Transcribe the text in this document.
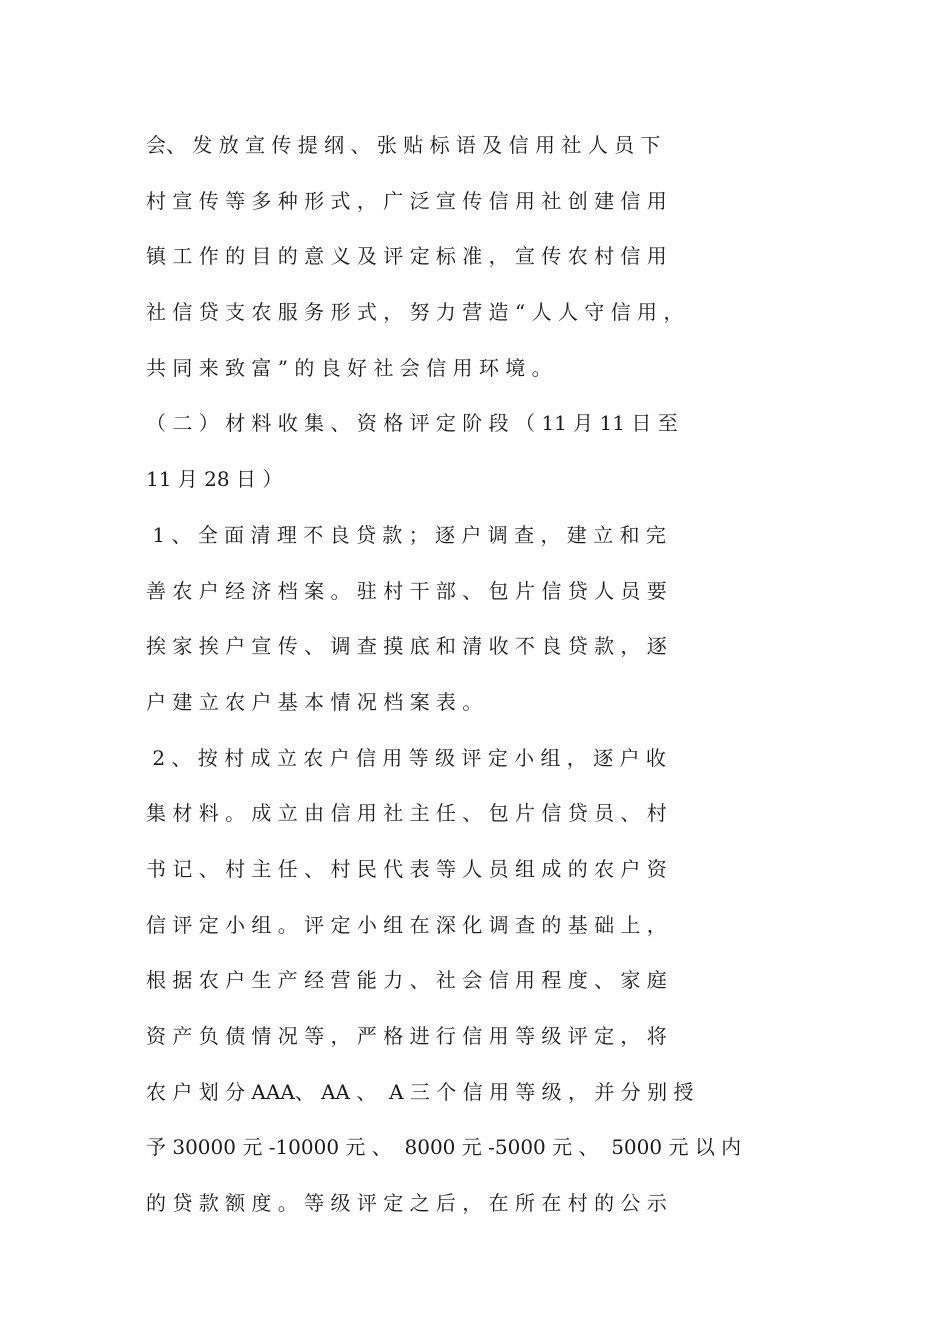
会、 发 放 宣 传 提 纲 、 张 贴 标 语 及 信 用 社 人 员 下
村 宣 传 等 多 种 形 式 ， 广 泛 宣 传 信 用 社 创 建 信 用
镇 工 作 的 目 的 意 义 及 评 定 标 准 ， 宣 传 农 村 信 用
社 信 贷 支 农 服 务 形 式 ， 努 力 营 造 “ 人 人 守 信 用 ，
共 同 来 致 富 ” 的 良 好 社 会 信 用 环 境 。
（ 二 ） 材 料 收 集 、 资 格 评 定 阶 段 （ 11 月 11 日 至
11 月 28 日 ）
1 、 全 面 清 理 不 良 贷 款 ； 逐 户 调 查 ， 建 立 和 完
善 农 户 经 济 档 案 。 驻 村 干 部 、 包 片 信 贷 人 员 要
挨 家 挨 户 宣 传 、 调 查 摸 底 和 清 收 不 良 贷 款 ， 逐
户 建 立 农 户 基 本 情 况 档 案 表 。
2 、 按 村 成 立 农 户 信 用 等 级 评 定 小 组 ， 逐 户 收
集 材 料 。 成 立 由 信 用 社 主 任 、 包 片 信 贷 员 、 村
书 记 、 村 主 任 、 村 民 代 表 等 人 员 组 成 的 农 户 资
信 评 定 小 组 。 评 定 小 组 在 深 化 调 查 的 基 础 上 ，
根 据 农 户 生 产 经 营 能 力 、 社 会 信 用 程 度 、 家 庭
资 产 负 债 情 况 等 ， 严 格 进 行 信 用 等 级 评 定 ， 将
农 户 划 分 AAA、 AA 、  A 三 个 信 用 等 级 ， 并 分 别 授
予 30000 元 -10000 元 、  8000 元 -5000 元 、  5000 元 以 内
的 贷 款 额 度 。 等 级 评 定 之 后 ， 在 所 在 村 的 公 示
